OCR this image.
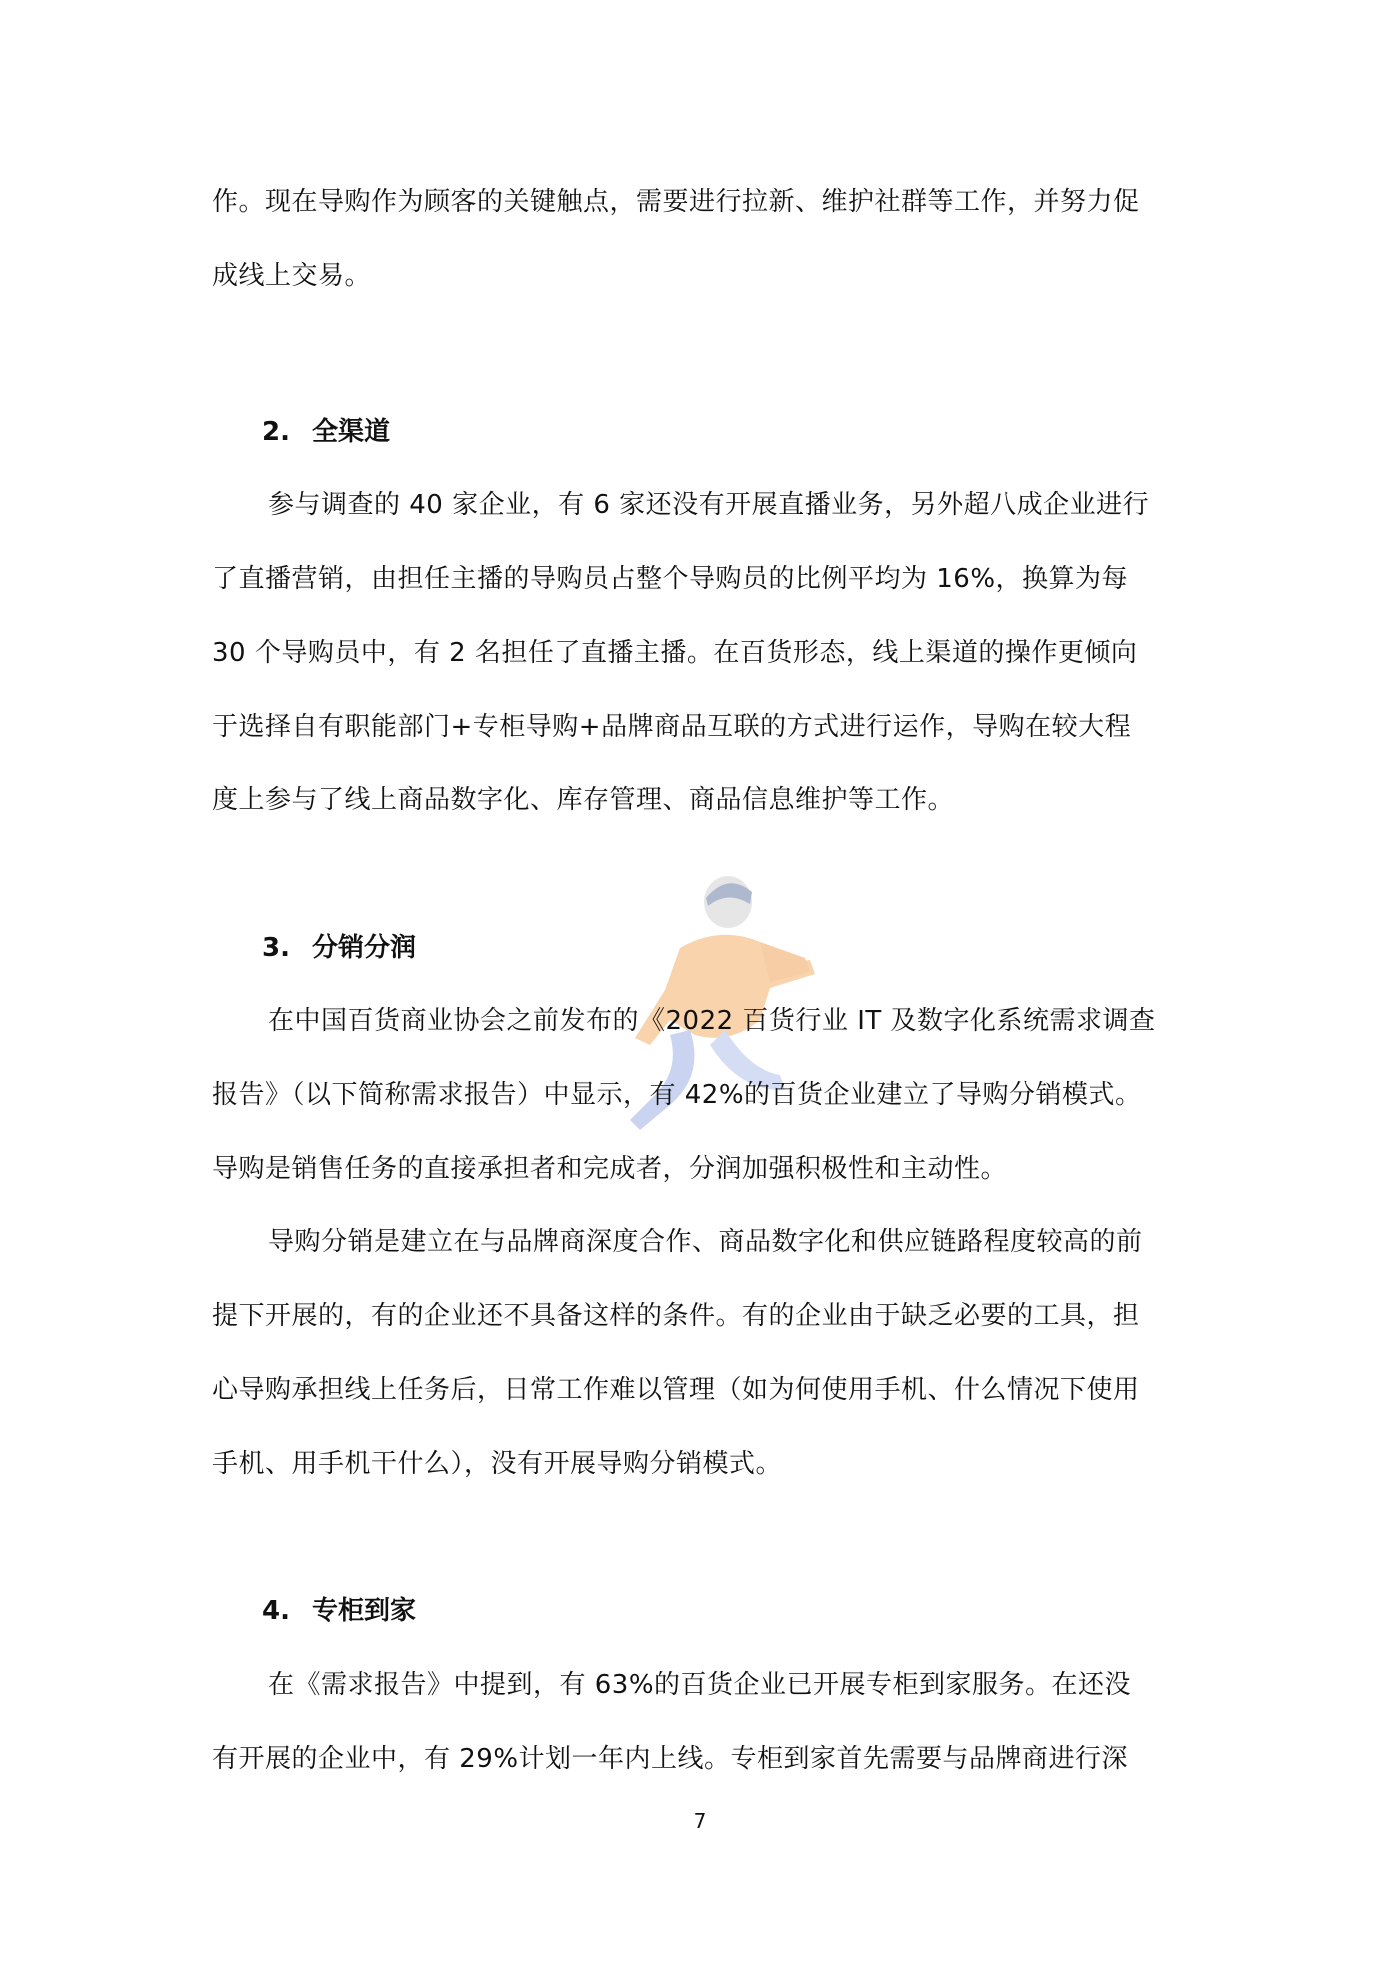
作。现在导购作为顾客的关键触点，需要进行拉新、维护社群等工作，并努力促
成线上交易。
2. 全渠道
参与调查的 40 家企业，有 6 家还没有开展直播业务，另外超八成企业进行
了直播营销，由担任主播的导购员占整个导购员的比例平均为 16%，换算为每
30 个导购员中，有 2 名担任了直播主播。在百货形态，线上渠道的操作更倾向
于选择自有职能部门+专柜导购+品牌商品互联的方式进行运作，导购在较大程
度上参与了线上商品数字化、库存管理、商品信息维护等工作。
3. 分销分润
在中国百货商业协会之前发布的《2022 百货行业 IT 及数字化系统需求调查
报告》（以下简称需求报告）中显示，有 42%的百货企业建立了导购分销模式。
导购是销售任务的直接承担者和完成者，分润加强积极性和主动性。
导购分销是建立在与品牌商深度合作、商品数字化和供应链路程度较高的前
提下开展的，有的企业还不具备这样的条件。有的企业由于缺乏必要的工具，担
心导购承担线上任务后，日常工作难以管理（如为何使用手机、什么情况下使用
手机、用手机干什么），没有开展导购分销模式。
4. 专柜到家
在《需求报告》中提到，有 63%的百货企业已开展专柜到家服务。在还没
有开展的企业中，有 29%计划一年内上线。专柜到家首先需要与品牌商进行深
7
